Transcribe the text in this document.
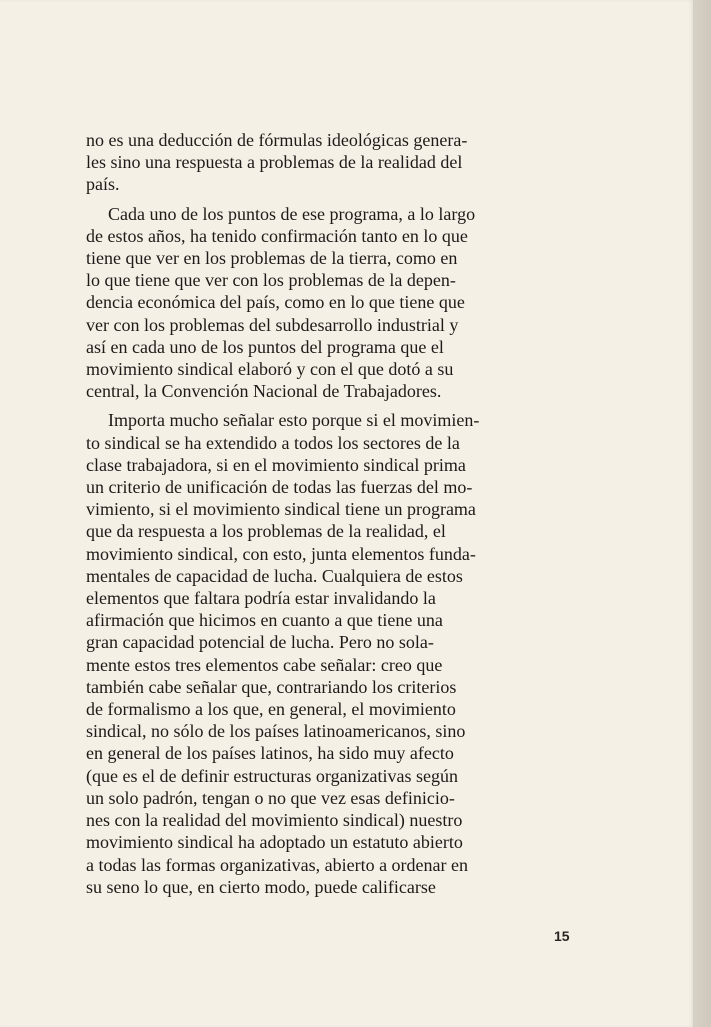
no es una deducción de fórmulas ideológicas genera-
les sino una respuesta a problemas de la realidad del
país.

Cada uno de los puntos de ese programa, a lo largo
de estos años, ha tenido confirmación tanto en lo que
tiene que ver en los problemas de la tierra, como en
lo que tiene que ver con los problemas de la depen-
dencia económica del país, como en lo que tiene que
ver con los problemas del subdesarrollo industrial y
así en cada uno de los puntos del programa que el
movimiento sindical elaboró y con el que dotó a su
central, la Convención Nacional de Trabajadores.

Importa mucho señalar esto porque si el movimien-
to sindical se ha extendido a todos los sectores de la
clase trabajadora, si en el movimiento sindical prima
un criterio de unificación de todas las fuerzas del mo-
vimiento, si el movimiento sindical tiene un programa
que da respuesta a los problemas de la realidad, el
movimiento sindical, con esto, junta elementos funda-
mentales de capacidad de lucha. Cualquiera de estos
elementos que faltara podría estar invalidando la
afirmación que hicimos en cuanto a que tiene una
gran capacidad potencial de lucha. Pero no sola-
mente estos tres elementos cabe señalar: creo que
también cabe señalar que, contrariando los criterios
de formalismo a los que, en general, el movimiento
sindical, no sólo de los países latinoamericanos, sino
en general de los países latinos, ha sido muy afecto
(que es el de definir estructuras organizativas según
un solo padrón, tengan o no que vez esas definicio-
nes con la realidad del movimiento sindical) nuestro
movimiento sindical ha adoptado un estatuto abierto
a todas las formas organizativas, abierto a ordenar en
su seno lo que, en cierto modo, puede calificarse

15
